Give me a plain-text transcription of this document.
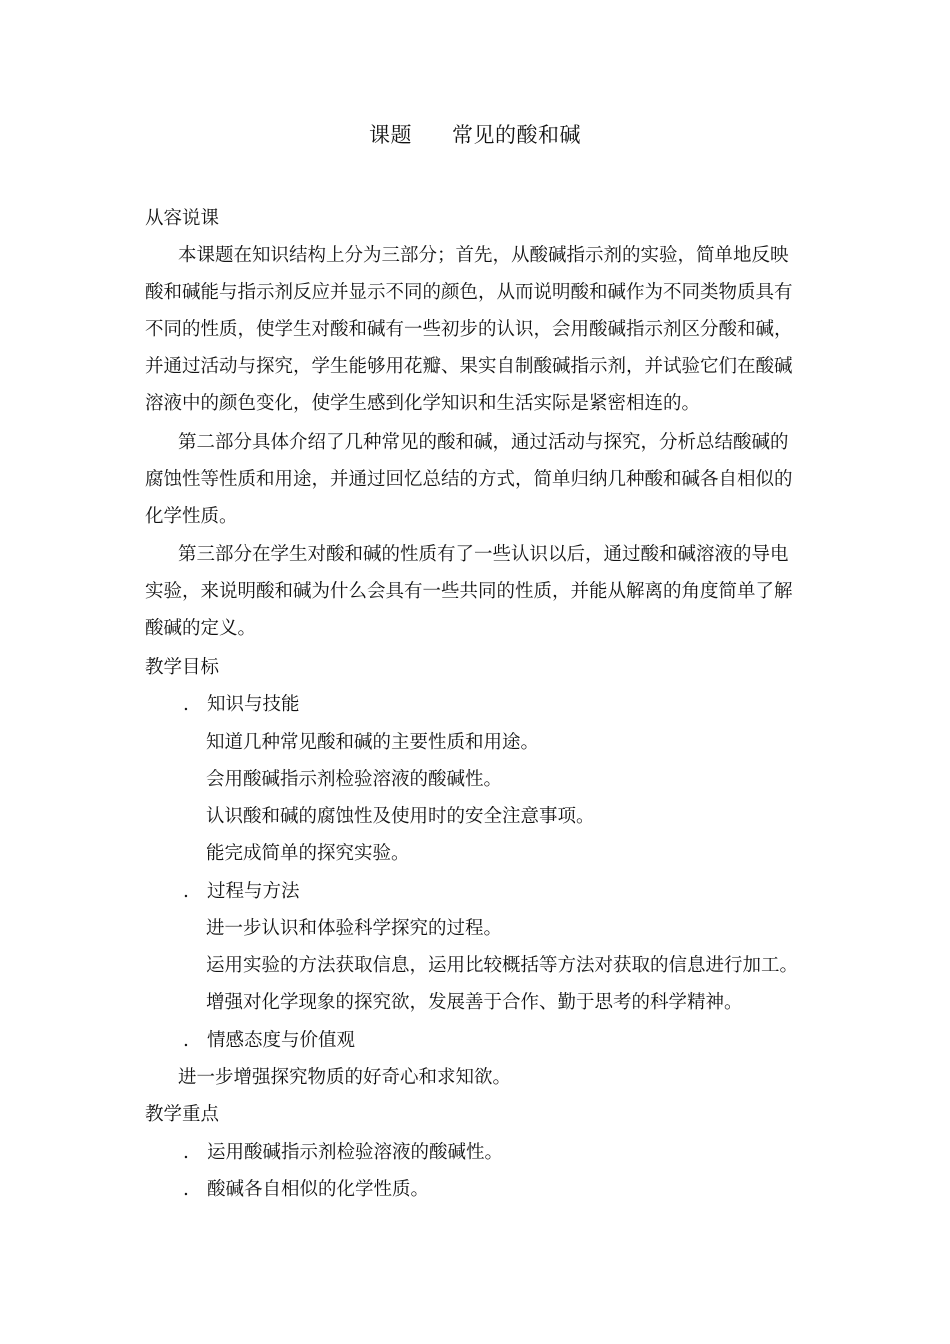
课题 常见的酸和碱
从容说课
本课题在知识结构上分为三部分；首先，从酸碱指示剂的实验，简单地反映
酸和碱能与指示剂反应并显示不同的颜色，从而说明酸和碱作为不同类物质具有
不同的性质，使学生对酸和碱有一些初步的认识，会用酸碱指示剂区分酸和碱，
并通过活动与探究，学生能够用花瓣、果实自制酸碱指示剂，并试验它们在酸碱
溶液中的颜色变化，使学生感到化学知识和生活实际是紧密相连的。
第二部分具体介绍了几种常见的酸和碱，通过活动与探究，分析总结酸碱的
腐蚀性等性质和用途，并通过回忆总结的方式，简单归纳几种酸和碱各自相似的
化学性质。
第三部分在学生对酸和碱的性质有了一些认识以后，通过酸和碱溶液的导电
实验，来说明酸和碱为什么会具有一些共同的性质，并能从解离的角度简单了解
酸碱的定义。
教学目标
. 知识与技能
知道几种常见酸和碱的主要性质和用途。
会用酸碱指示剂检验溶液的酸碱性。
认识酸和碱的腐蚀性及使用时的安全注意事项。
能完成简单的探究实验。
. 过程与方法
进一步认识和体验科学探究的过程。
运用实验的方法获取信息，运用比较概括等方法对获取的信息进行加工。
增强对化学现象的探究欲，发展善于合作、勤于思考的科学精神。
. 情感态度与价值观
进一步增强探究物质的好奇心和求知欲。
教学重点
. 运用酸碱指示剂检验溶液的酸碱性。
. 酸碱各自相似的化学性质。
